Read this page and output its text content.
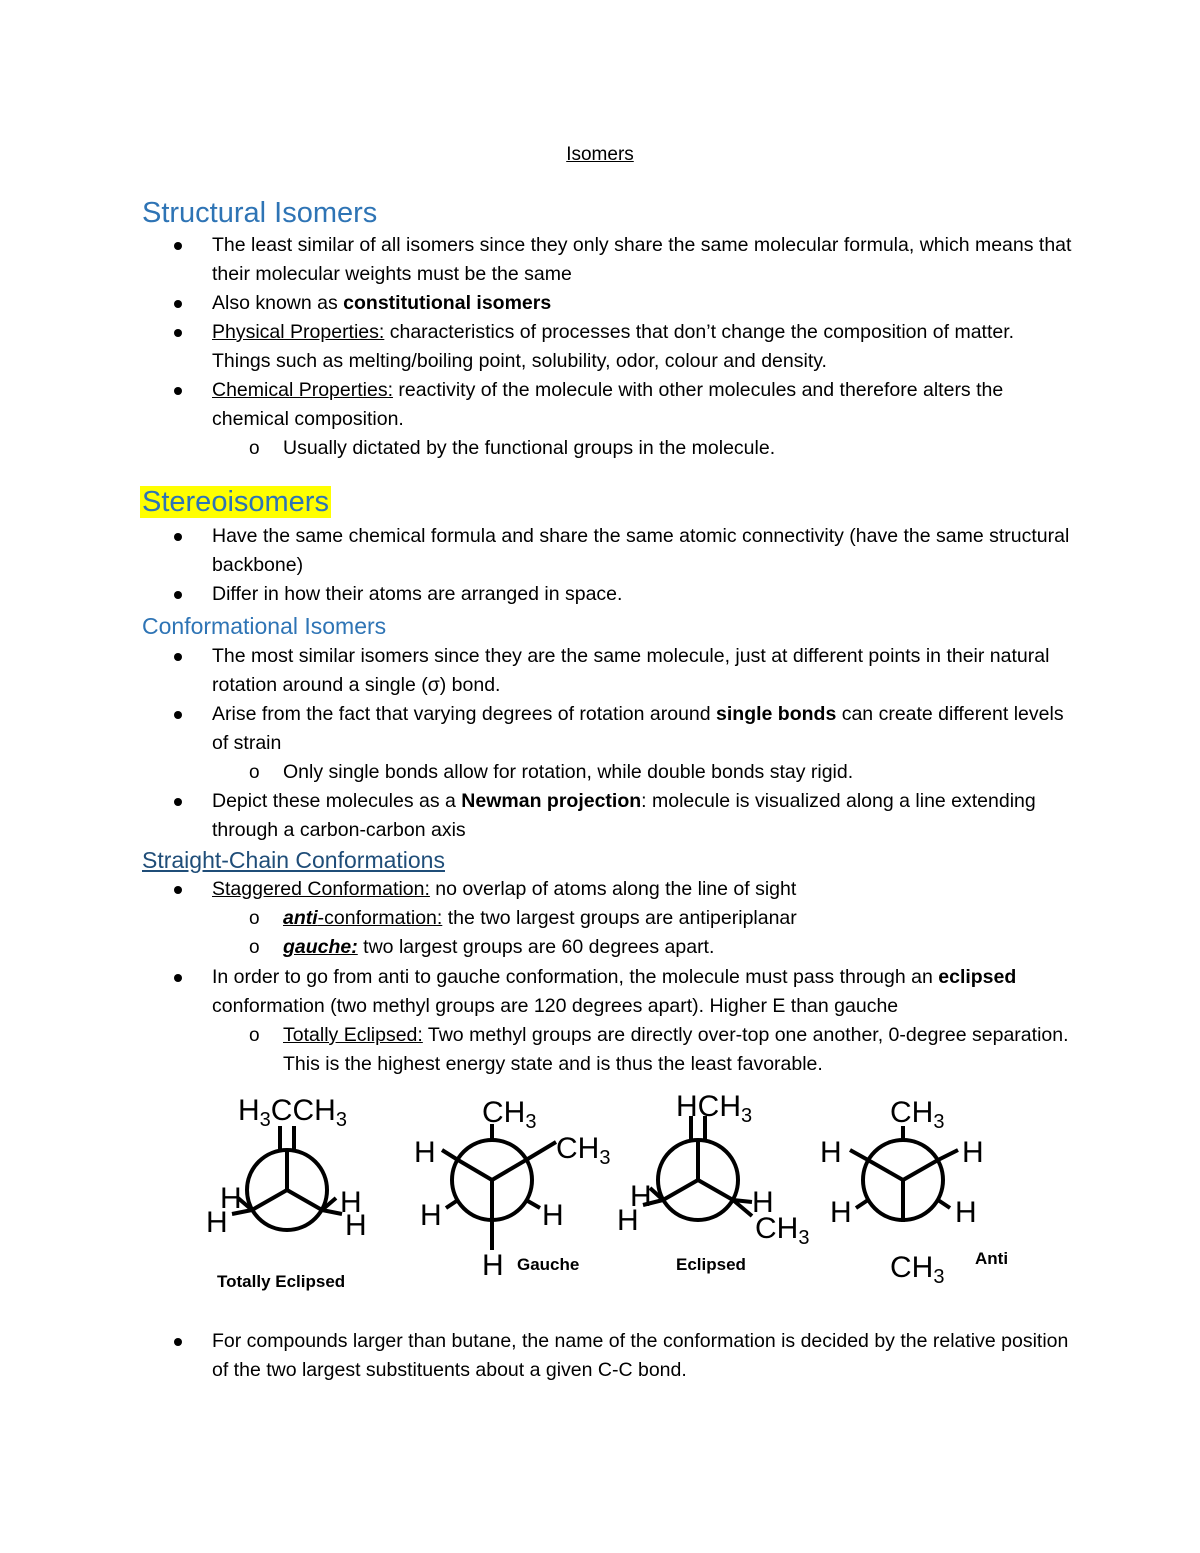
Isomers
Structural Isomers
The least similar of all isomers since they only share the same molecular formula, which means that their molecular weights must be the same
Also known as constitutional isomers
Physical Properties: characteristics of processes that don’t change the composition of matter. Things such as melting/boiling point, solubility, odor, colour and density.
Chemical Properties: reactivity of the molecule with other molecules and therefore alters the chemical composition.
o Usually dictated by the functional groups in the molecule.
Stereoisomers
Have the same chemical formula and share the same atomic connectivity (have the same structural backbone)
Differ in how their atoms are arranged in space.
Conformational Isomers
The most similar isomers since they are the same molecule, just at different points in their natural rotation around a single (σ) bond.
Arise from the fact that varying degrees of rotation around single bonds can create different levels of strain
o Only single bonds allow for rotation, while double bonds stay rigid.
Depict these molecules as a Newman projection: molecule is visualized along a line extending through a carbon-carbon axis
Straight-Chain Conformations
Staggered Conformation: no overlap of atoms along the line of sight
o anti-conformation: the two largest groups are antiperiplanar
o gauche: two largest groups are 60 degrees apart.
In order to go from anti to gauche conformation, the molecule must pass through an eclipsed conformation (two methyl groups are 120 degrees apart). Higher E than gauche
o Totally Eclipsed: Two methyl groups are directly over-top one another, 0-degree separation. This is the highest energy state and is thus the least favorable.
$H_3CCH_3$
H
H
H
H
$CH_3$
$CH_3$
H
H	H
H
$HCH_3$
H
H
H
$CH_3$
$CH_3$
H	H
H	H
$CH_3$
Totally Eclipsed
Gauche	Eclipsed	Anti
For compounds larger than butane, the name of the conformation is decided by the relative position of the two largest substituents about a given C-C bond.
